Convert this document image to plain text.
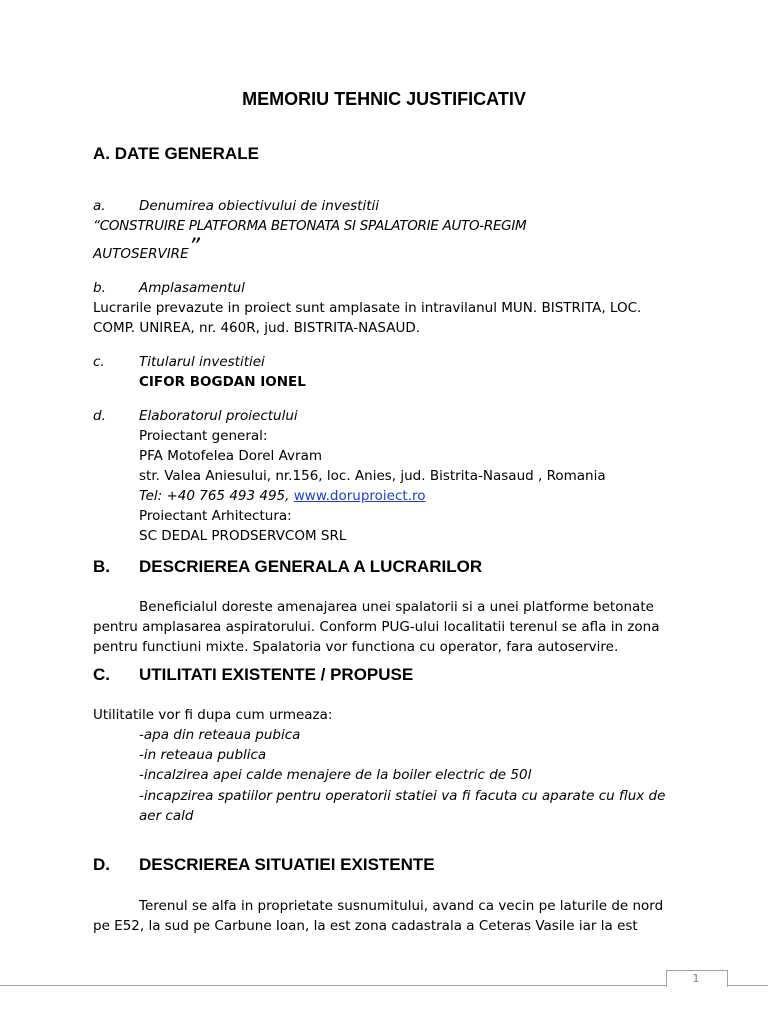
MEMORIU TEHNIC JUSTIFICATIV
A. DATE GENERALE
a. Denumirea obiectivului de investitii
“CONSTRUIRE PLATFORMA BETONATA SI SPALATORIE AUTO-REGIM
AUTOSERVIRE”
b. Amplasamentul
Lucrarile prevazute in proiect sunt amplasate in intravilanul MUN. BISTRITA, LOC.
COMP. UNIREA, nr. 460R, jud. BISTRITA-NASAUD.
c.	Titularul investitiei
CIFOR BOGDAN IONEL
d. Elaboratorul proiectului
Proiectant general:
PFA Motofelea Dorel Avram
str. Valea Aniesului, nr.156, loc. Anies, jud. Bistrita-Nasaud , Romania
Tel: +40 765 493 495, www.doruproiect.ro
Proiectant Arhitectura:
SC DEDAL PRODSERVCOM SRL
B. DESCRIEREA GENERALA A LUCRARILOR
Beneficialul doreste amenajarea unei spalatorii si a unei platforme betonate
pentru amplasarea aspiratorului. Conform PUG-ului localitatii terenul se afla in zona
pentru functiuni mixte. Spalatoria vor functiona cu operator, fara autoservire.
C. UTILITATI EXISTENTE / PROPUSE
Utilitatile vor fi dupa cum urmeaza:
-apa din reteaua pubica
-in reteaua publica
-incalzirea apei calde menajere de la boiler electric de 50l
-incapzirea spatiilor pentru operatorii statiei va fi facuta cu aparate cu flux de
aer cald
D. DESCRIEREA SITUATIEI EXISTENTE
Terenul se alfa in proprietate susnumitului, avand ca vecin pe laturile de nord
pe E52, la sud pe Carbune Ioan, la est zona cadastrala a Ceteras Vasile iar la est
1
